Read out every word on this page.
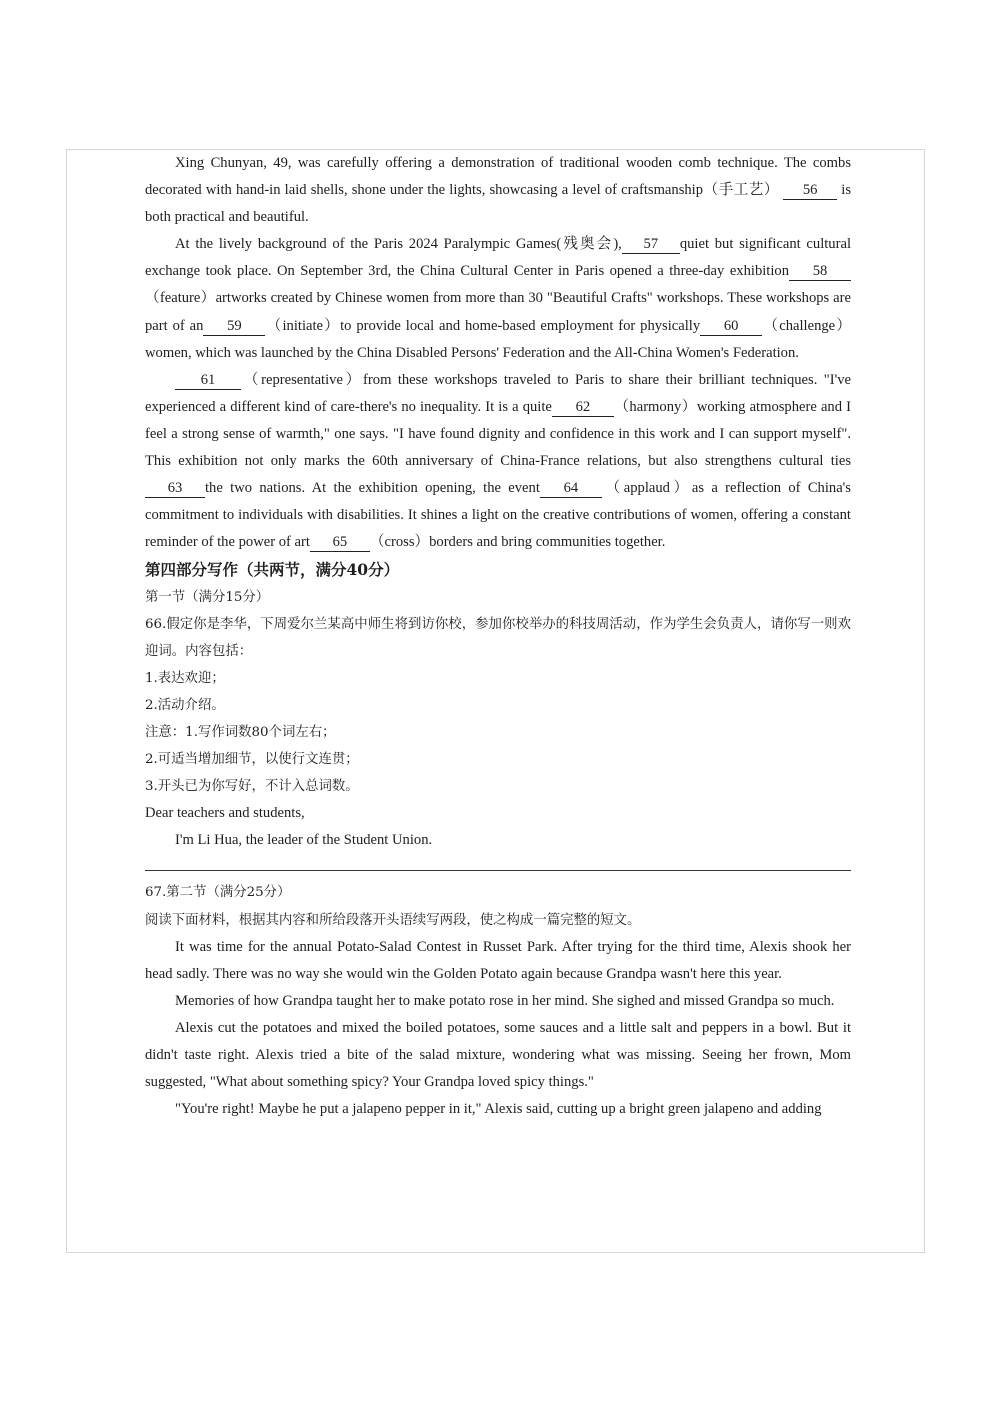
Xing Chunyan, 49, was carefully offering a demonstration of traditional wooden comb technique. The combs decorated with hand-in laid shells, shone under the lights, showcasing a level of craftsmanship（手工艺） 56 is both practical and beautiful.

At the lively background of the Paris 2024 Paralympic Games(残奥会), 57 quiet but significant cultural exchange took place. On September 3rd, the China Cultural Center in Paris opened a three-day exhibition 58（feature）artworks created by Chinese women from more than 30 "Beautiful Crafts" workshops. These workshops are part of an 59 （initiate）to provide local and home-based employment for physically 60 （challenge）women, which was launched by the China Disabled Persons' Federation and the All-China Women's Federation.

61 （representative）from these workshops traveled to Paris to share their brilliant techniques. "I've experienced a different kind of care-there's no inequality. It is a quite 62 （harmony）working atmosphere and I feel a strong sense of warmth," one says. "I have found dignity and confidence in this work and I can support myself". This exhibition not only marks the 60th anniversary of China-France relations, but also strengthens cultural ties63 the two nations. At the exhibition opening, the event 64 （applaud）as a reflection of China's commitment to individuals with disabilities. It shines a light on the creative contributions of women, offering a constant reminder of the power of art 65 （cross）borders and bring communities together.

第四部分写作（共两节，满分40分）

第一节（满分15分）

66.假定你是李华，下周爱尔兰某高中师生将到访你校，参加你校举办的科技周活动，作为学生会负责人，请你写一则欢迎词。内容包括：

1.表达欢迎；

2.活动介绍。

注意：1.写作词数80个词左右；

2.可适当增加细节，以使行文连贯；

3.开头已为你写好，不计入总词数。

Dear teachers and students,

I'm Li Hua, the leader of the Student Union.

67.第二节（满分25分）

阅读下面材料，根据其内容和所给段落开头语续写两段，使之构成一篇完整的短文。

It was time for the annual Potato-Salad Contest in Russet Park. After trying for the third time, Alexis shook her head sadly. There was no way she would win the Golden Potato again because Grandpa wasn't here this year.

Memories of how Grandpa taught her to make potato rose in her mind. She sighed and missed Grandpa so much.

Alexis cut the potatoes and mixed the boiled potatoes, some sauces and a little salt and peppers in a bowl. But it didn't taste right. Alexis tried a bite of the salad mixture, wondering what was missing. Seeing her frown, Mom suggested, "What about something spicy? Your Grandpa loved spicy things."

"You're right! Maybe he put a jalapeno pepper in it," Alexis said, cutting up a bright green jalapeno and adding
